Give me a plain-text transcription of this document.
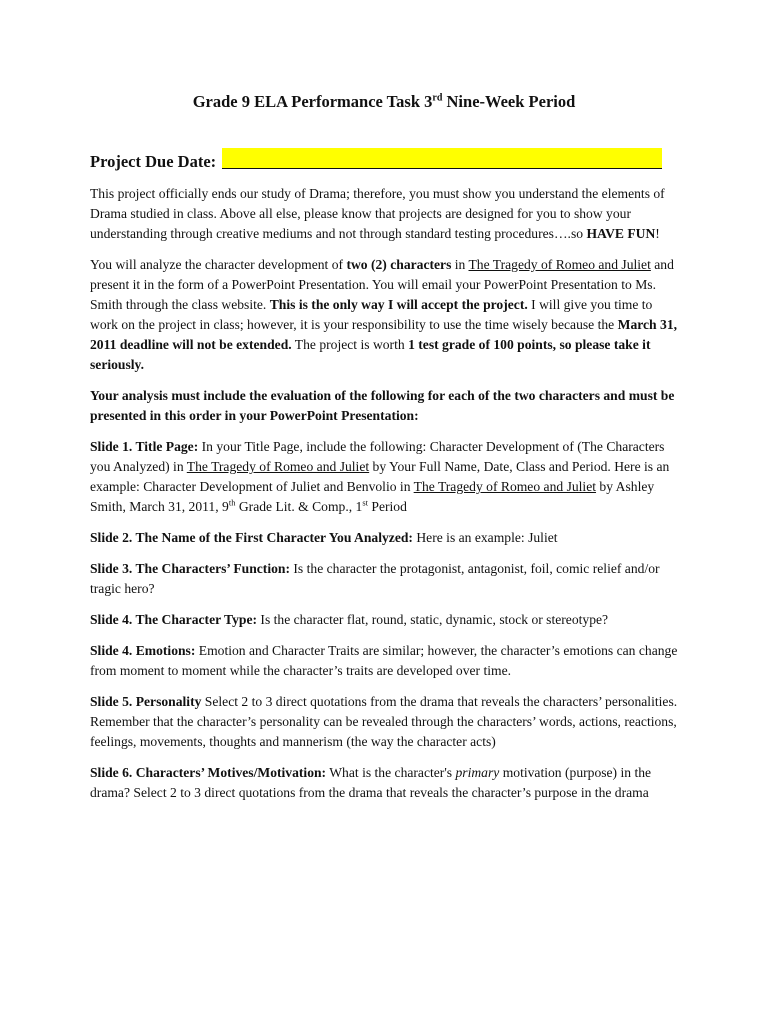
Grade 9 ELA Performance Task 3rd Nine-Week Period
Project Due Date:

This project officially ends our study of Drama; therefore, you must show you understand the elements of Drama studied in class. Above all else, please know that projects are designed for you to show your understanding through creative mediums and not through standard testing procedures….so HAVE FUN!

You will analyze the character development of two (2) characters in The Tragedy of Romeo and Juliet and present it in the form of a PowerPoint Presentation. You will email your PowerPoint Presentation to Ms. Smith through the class website. This is the only way I will accept the project. I will give you time to work on the project in class; however, it is your responsibility to use the time wisely because the March 31, 2011 deadline will not be extended. The project is worth 1 test grade of 100 points, so please take it seriously.

Your analysis must include the evaluation of the following for each of the two characters and must be presented in this order in your PowerPoint Presentation:

Slide 1. Title Page: In your Title Page, include the following: Character Development of (The Characters you Analyzed) in The Tragedy of Romeo and Juliet by Your Full Name, Date, Class and Period. Here is an example: Character Development of Juliet and Benvolio in The Tragedy of Romeo and Juliet by Ashley Smith, March 31, 2011, 9th Grade Lit. & Comp., 1st Period

Slide 2. The Name of the First Character You Analyzed: Here is an example: Juliet

Slide 3. The Characters’ Function: Is the character the protagonist, antagonist, foil, comic relief and/or tragic hero?

Slide 4. The Character Type: Is the character flat, round, static, dynamic, stock or stereotype?

Slide 4. Emotions: Emotion and Character Traits are similar; however, the character’s emotions can change from moment to moment while the character’s traits are developed over time.

Slide 5. Personality Select 2 to 3 direct quotations from the drama that reveals the characters’ personalities. Remember that the character’s personality can be revealed through the characters’ words, actions, reactions, feelings, movements, thoughts and mannerism (the way the character acts)

Slide 6. Characters’ Motives/Motivation: What is the character's primary motivation (purpose) in the drama? Select 2 to 3 direct quotations from the drama that reveals the character’s purpose in the drama
